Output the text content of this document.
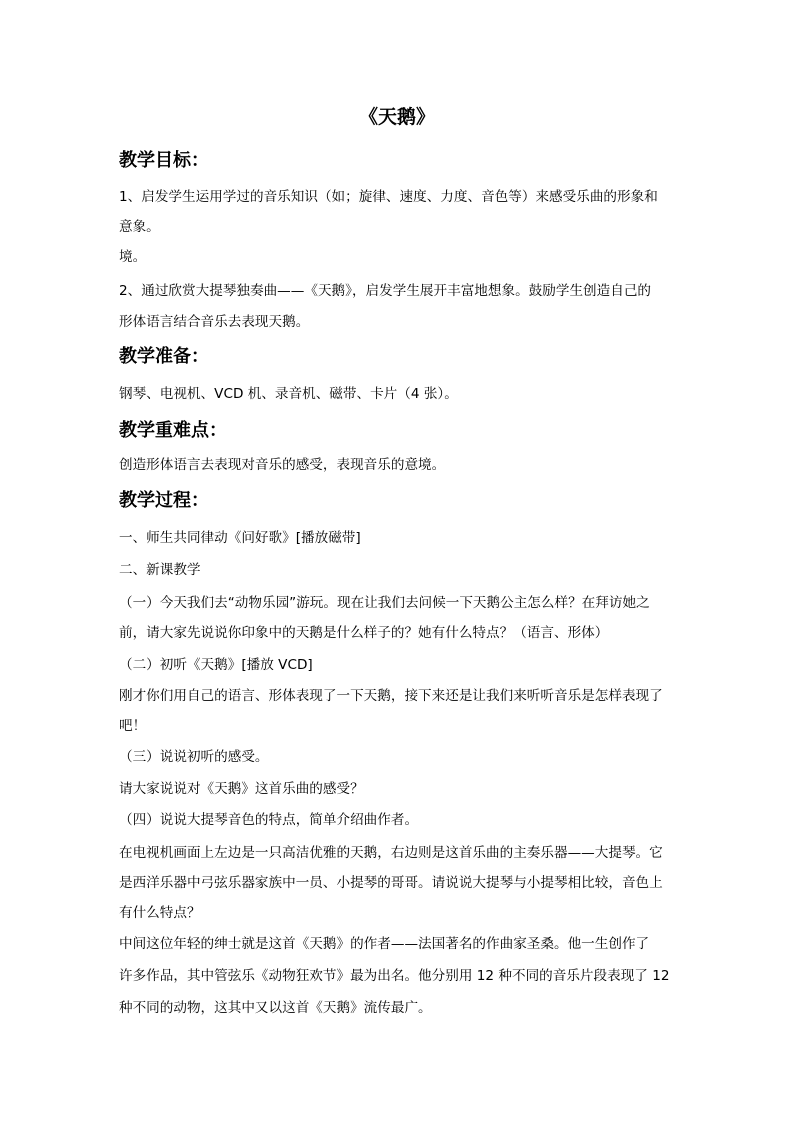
《天鹅》
教学目标：
1、启发学生运用学过的音乐知识（如；旋律、速度、力度、音色等）来感受乐曲的形象和
意象。
境。
2、通过欣赏大提琴独奏曲——《天鹅》，启发学生展开丰富地想象。鼓励学生创造自己的
形体语言结合音乐去表现天鹅。
教学准备：
钢琴、电视机、VCD 机、录音机、磁带、卡片（4 张）。
教学重难点：
创造形体语言去表现对音乐的感受，表现音乐的意境。
教学过程：
一、师生共同律动《问好歌》[播放磁带]
二、新课教学
（一）今天我们去“动物乐园”游玩。现在让我们去问候一下天鹅公主怎么样？在拜访她之
前，请大家先说说你印象中的天鹅是什么样子的？她有什么特点？（语言、形体）
（二）初听《天鹅》[播放 VCD]
刚才你们用自己的语言、形体表现了一下天鹅，接下来还是让我们来听听音乐是怎样表现了
吧！
（三）说说初听的感受。
请大家说说对《天鹅》这首乐曲的感受？
（四）说说大提琴音色的特点，简单介绍曲作者。
在电视机画面上左边是一只高洁优雅的天鹅，右边则是这首乐曲的主奏乐器——大提琴。它
是西洋乐器中弓弦乐器家族中一员、小提琴的哥哥。请说说大提琴与小提琴相比较，音色上
有什么特点？
中间这位年轻的绅士就是这首《天鹅》的作者——法国著名的作曲家圣桑。他一生创作了
许多作品，其中管弦乐《动物狂欢节》最为出名。他分别用 12 种不同的音乐片段表现了 12
种不同的动物，这其中又以这首《天鹅》流传最广。
